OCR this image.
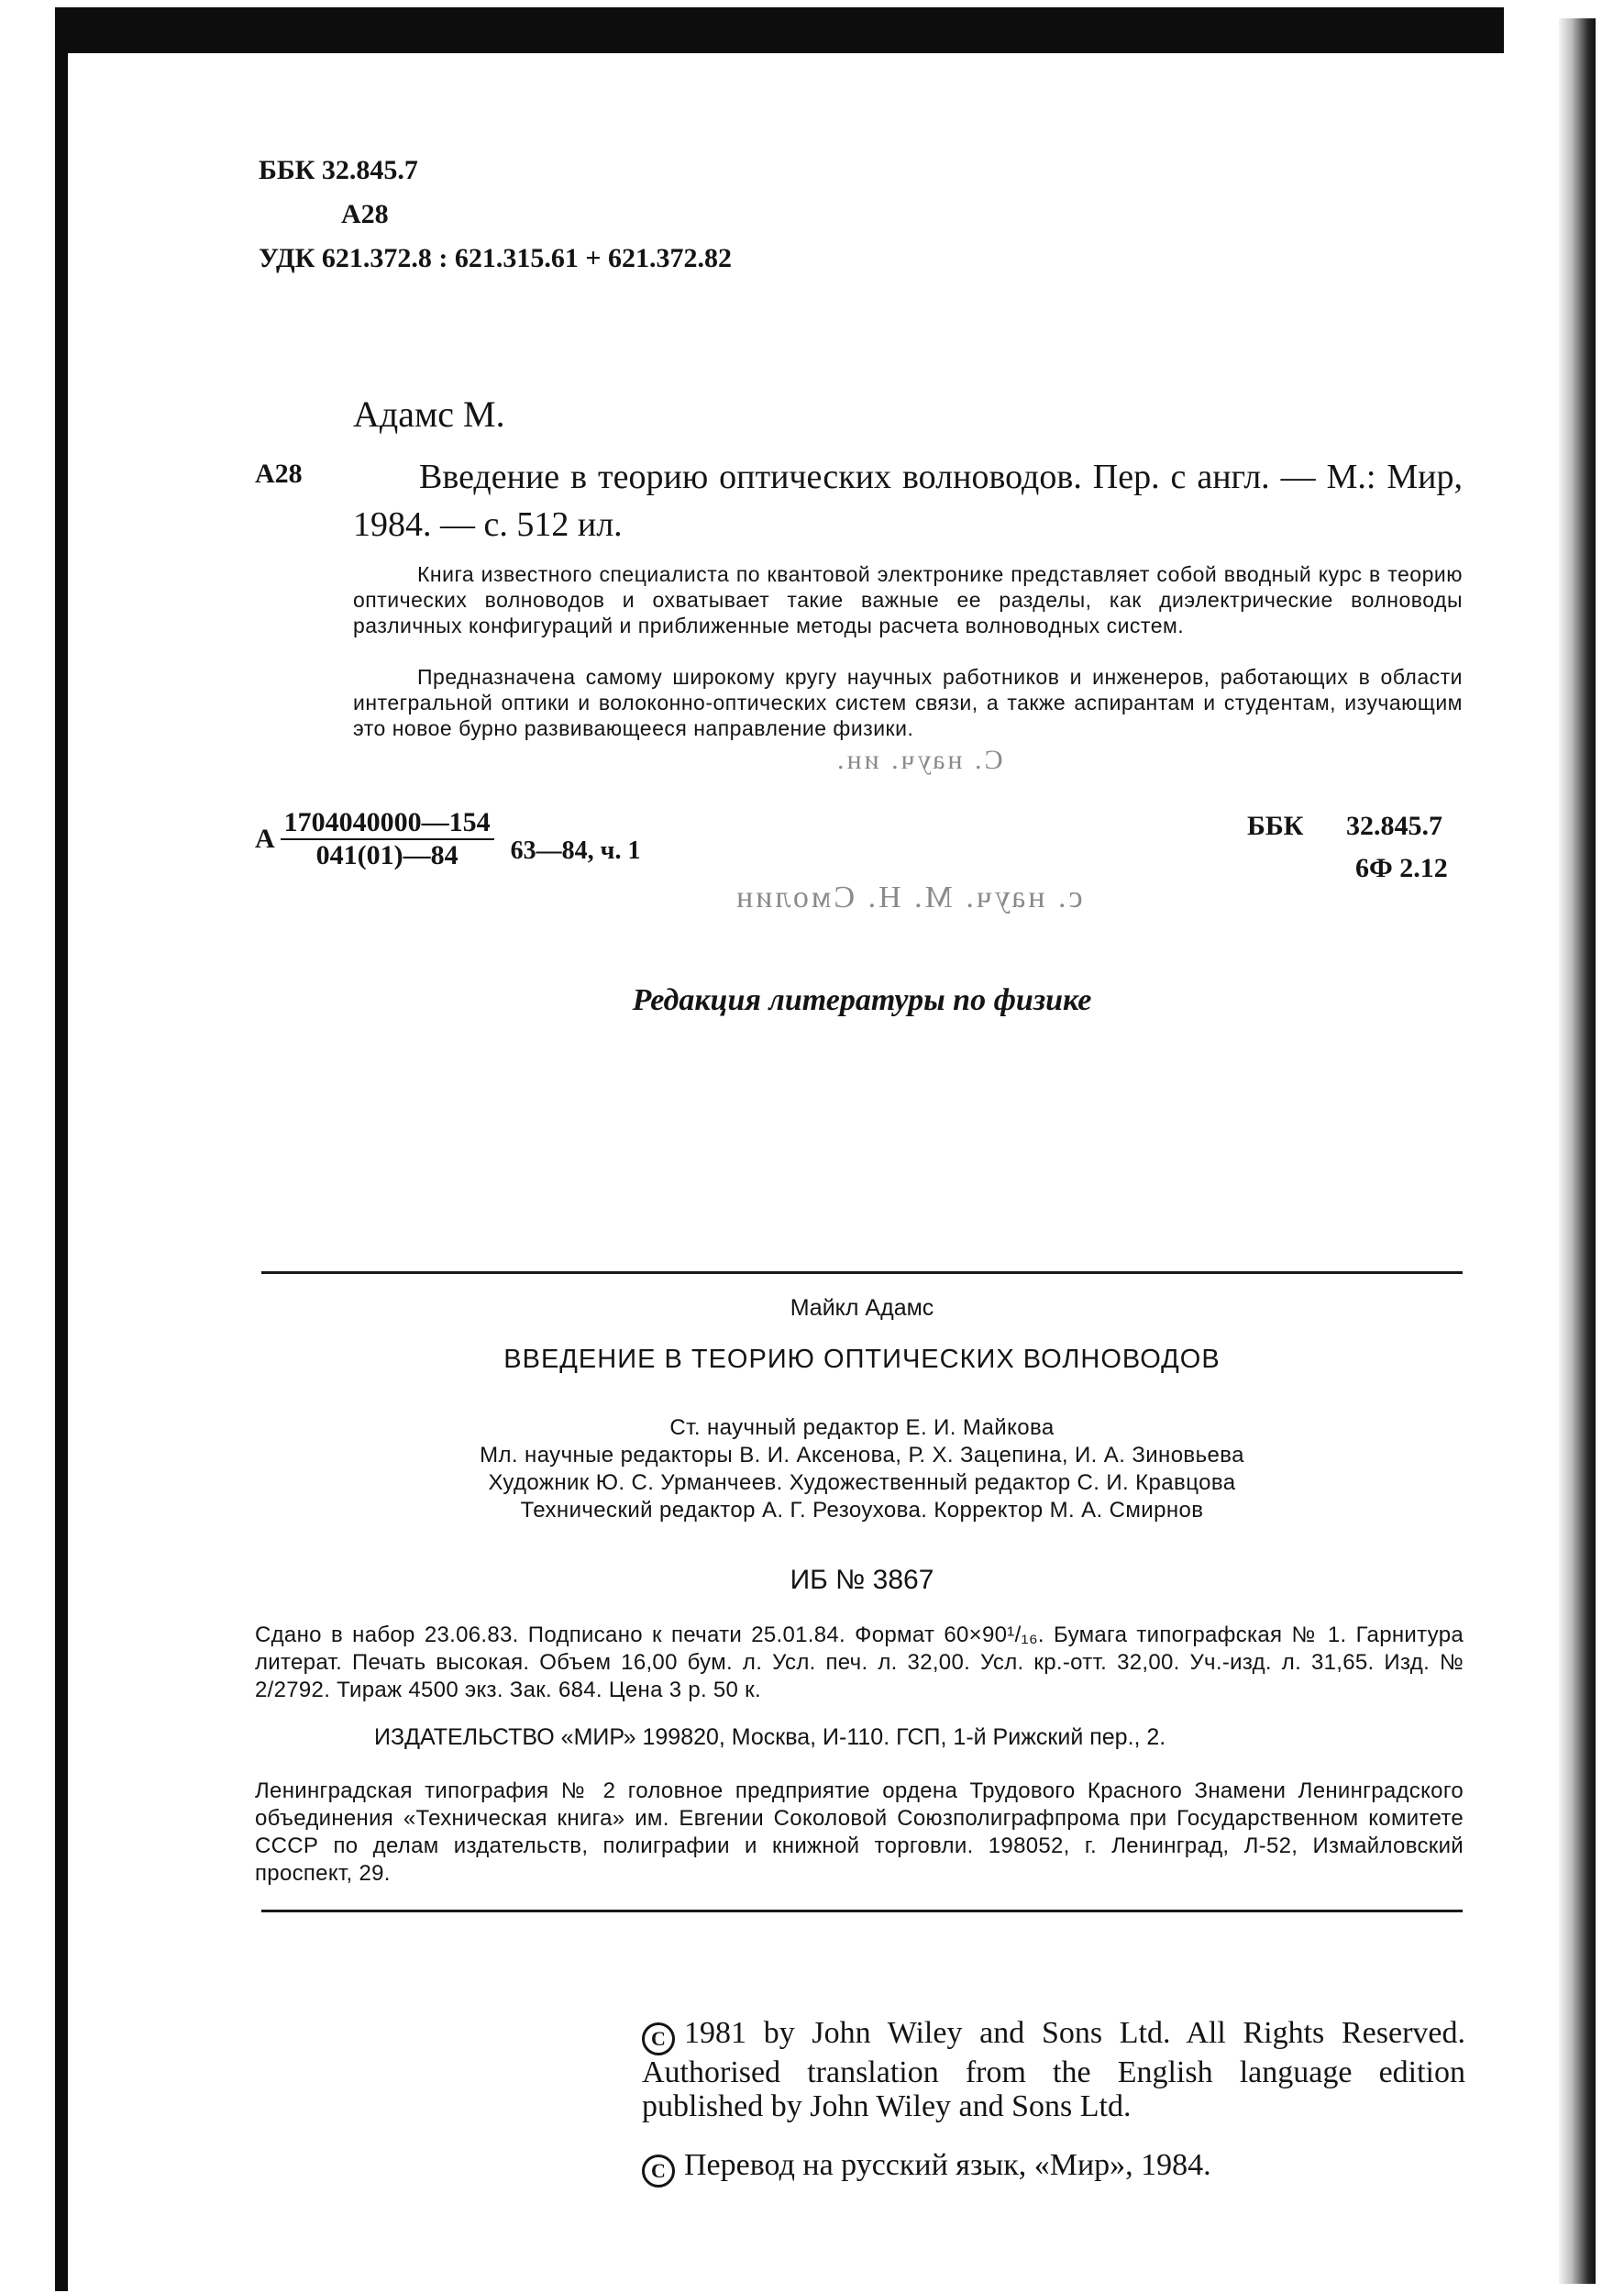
ББК 32.845.7
А28
УДК 621.372.8 : 621.315.61 + 621.372.82
Адамс М.
А28	Введение в теорию оптических волноводов. Пер. с англ. — М.: Мир, 1984. — с. 512 ил.
Книга известного специалиста по квантовой электронике представляет собой вводный курс в теорию оптических волноводов и охватывает такие важные ее разделы, как диэлектрические волноводы различных конфигураций и приближенные методы расчета волноводных систем.
Предназначена самому широкому кругу научных работников и инженеров, работающих в области интегральной оптики и волоконно-оптических систем связи, а также аспирантам и студентам, изучающим это новое бурно развивающееся направление физики.
С. науч. ин.
А $\frac{1704040000—154}{041(01)—84}$ 63—84, ч. 1
ББК 32.845.7
6Ф 2.12
с. науч. М. Н. Смолин
Редакция литературы по физике
Майкл Адамс
ВВЕДЕНИЕ В ТЕОРИЮ ОПТИЧЕСКИХ ВОЛНОВОДОВ
Ст. научный редактор Е. И. Майкова
Мл. научные редакторы В. И. Аксенова, Р. Х. Зацепина, И. А. Зиновьева
Художник Ю. С. Урманчеев. Художественный редактор С. И. Кравцова
Технический редактор А. Г. Резоухова. Корректор М. А. Смирнов
ИБ № 3867
Сдано в набор 23.06.83. Подписано к печати 25.01.84. Формат 60×90¹/₁₆. Бумага типографская № 1. Гарнитура литерат. Печать высокая. Объем 16,00 бум. л. Усл. печ. л. 32,00. Усл. кр.-отт. 32,00. Уч.-изд. л. 31,65. Изд. № 2/2792. Тираж 4500 экз. Зак. 684. Цена 3 р. 50 к.
ИЗДАТЕЛЬСТВО «МИР» 199820, Москва, И-110. ГСП, 1-й Рижский пер., 2.
Ленинградская типография № 2 головное предприятие ордена Трудового Красного Знамени Ленинградского объединения «Техническая книга» им. Евгении Соколовой Союзполиграфпрома при Государственном комитете СССР по делам издательств, полиграфии и книжной торговли. 198052, г. Ленинград, Л-52, Измайловский проспект, 29.
C 1981 by John Wiley and Sons Ltd. All Rights Reserved. Authorised translation from the English language edition published by John Wiley and Sons Ltd.
C Перевод на русский язык, «Мир», 1984.
